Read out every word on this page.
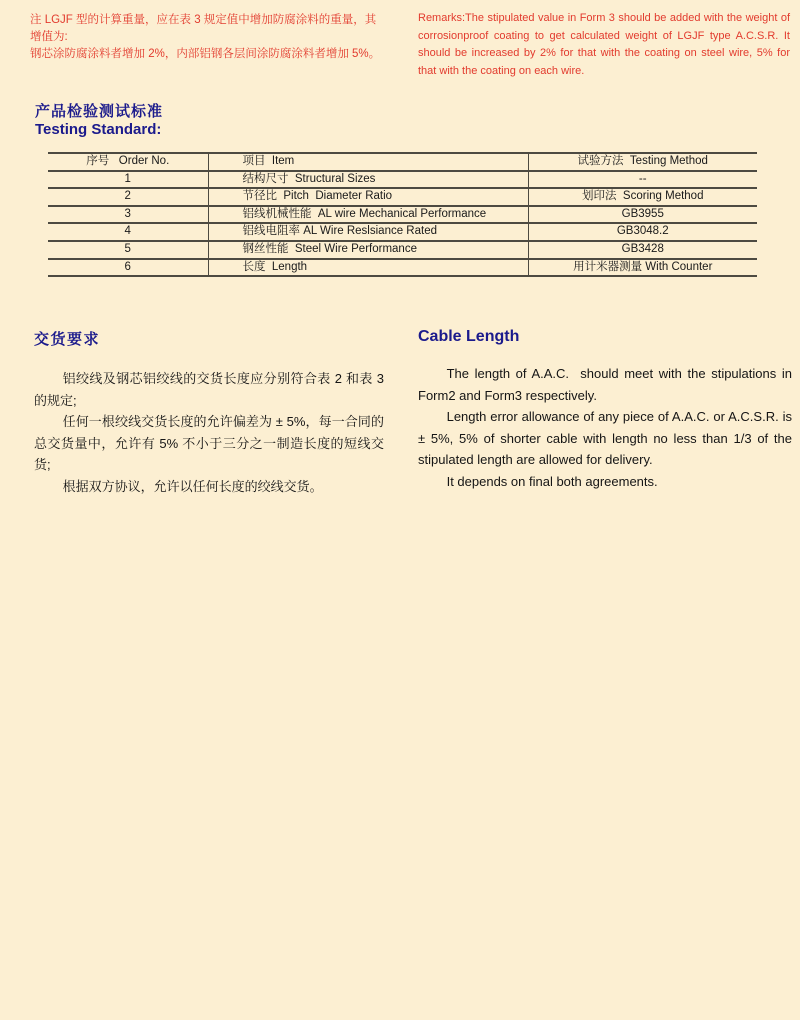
注 LGJF 型的计算重量，应在表 3 规定值中增加防腐涂料的重量，其增值为:
钢芯涂防腐涂料者增加 2%，内部铝钢各层间涂防腐涂料者增加 5%。
Remarks:The stipulated value in Form 3 should be added with the weight of corrosionproof coating to get calculated weight of LGJF type A.C.S.R. It should be increased by 2% for that with the coating on steel wire, 5% for that with the coating on each wire.
产品检验测试标准
Testing Standard:
序号   Order No.	项目  Item	试验方法  Testing Method
1	结构尺寸  Structural Sizes	--
2	节径比  Pitch  Diameter Ratio	划印法  Scoring Method
3	铝线机械性能  AL wire Mechanical Performance	GB3955
4	铝线电阻率 AL Wire Reslsiance Rated	GB3048.2
5	钢丝性能  Steel Wire Performance	GB3428
6	长度  Length	用计米器测量 With Counter
交货要求

铝绞线及钢芯铝绞线的交货长度应分别符合表 2 和表 3 的规定;

任何一根绞线交货长度的允许偏差为 ± 5%，每一合同的总交货量中，允许有 5% 不小于三分之一制造长度的短线交货;

根据双方协议，允许以任何长度的绞线交货。

Cable Length

The length of A.A.C.  should meet with the stipulations in Form2 and Form3 respectively.

Length error allowance of any piece of A.A.C. or A.C.S.R. is ± 5%, 5% of shorter cable with length no less than 1/3 of the stipulated length are allowed for delivery.

It depends on final both agreements.
